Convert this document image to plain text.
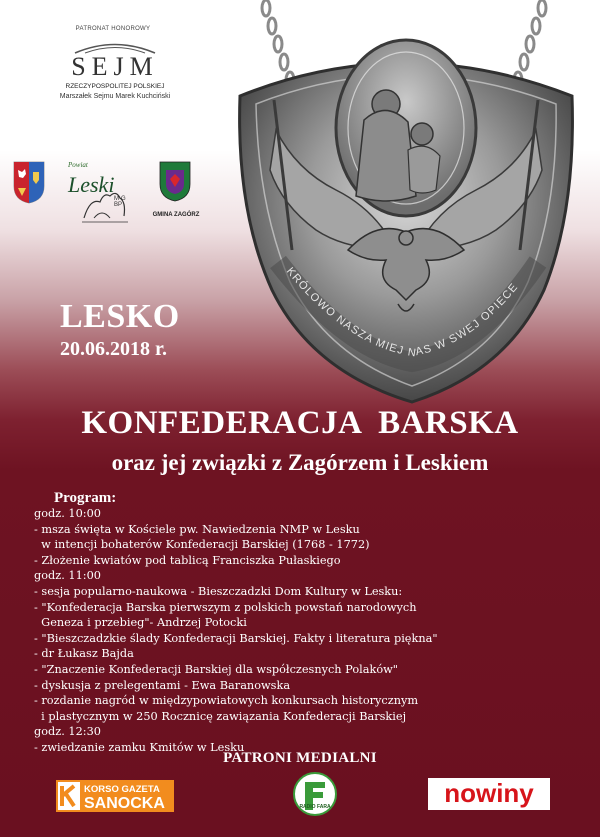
PATRONAT HONOROWY
SEJM
RZECZYPOSPOLITEJ POLSKIEJ
Marszałek Sejmu Marek Kuchciński
Powiat Leski
M-G
BP
GMINA ZAGÓRZ
KRÓLOWO NASZA MIEJ NAS W SWEJ OPIECE
LESKO
20.06.2018 r.
KONFEDERACJA  BARSKA
oraz jej związki z Zagórzem i Leskiem
Program:
godz. 10:00
- msza święta w Kościele pw. Nawiedzenia NMP w Lesku
w intencji bohaterów Konfederacji Barskiej (1768 - 1772)
- Złożenie kwiatów pod tablicą Franciszka Pułaskiego
godz. 11:00
- sesja popularno-naukowa - Bieszczadzki Dom Kultury w Lesku:
- "Konfederacja Barska pierwszym z polskich powstań narodowych
Geneza i przebieg"- Andrzej Potocki
- "Bieszczadzkie ślady Konfederacji Barskiej. Fakty i literatura piękna"
- dr Łukasz Bajda
- "Znaczenie Konfederacji Barskiej dla współczesnych Polaków"
- dyskusja z prelegentami - Ewa Baranowska
- rozdanie nagród w międzypowiatowych konkursach historycznym
i plastycznym w 250 Rocznicę zawiązania Konfederacji Barskiej
godz. 12:30
- zwiedzanie zamku Kmitów w Lesku
PATRONI MEDIALNI
KORSO GAZETA
SANOCKA	RADIO FARA	nowiny
